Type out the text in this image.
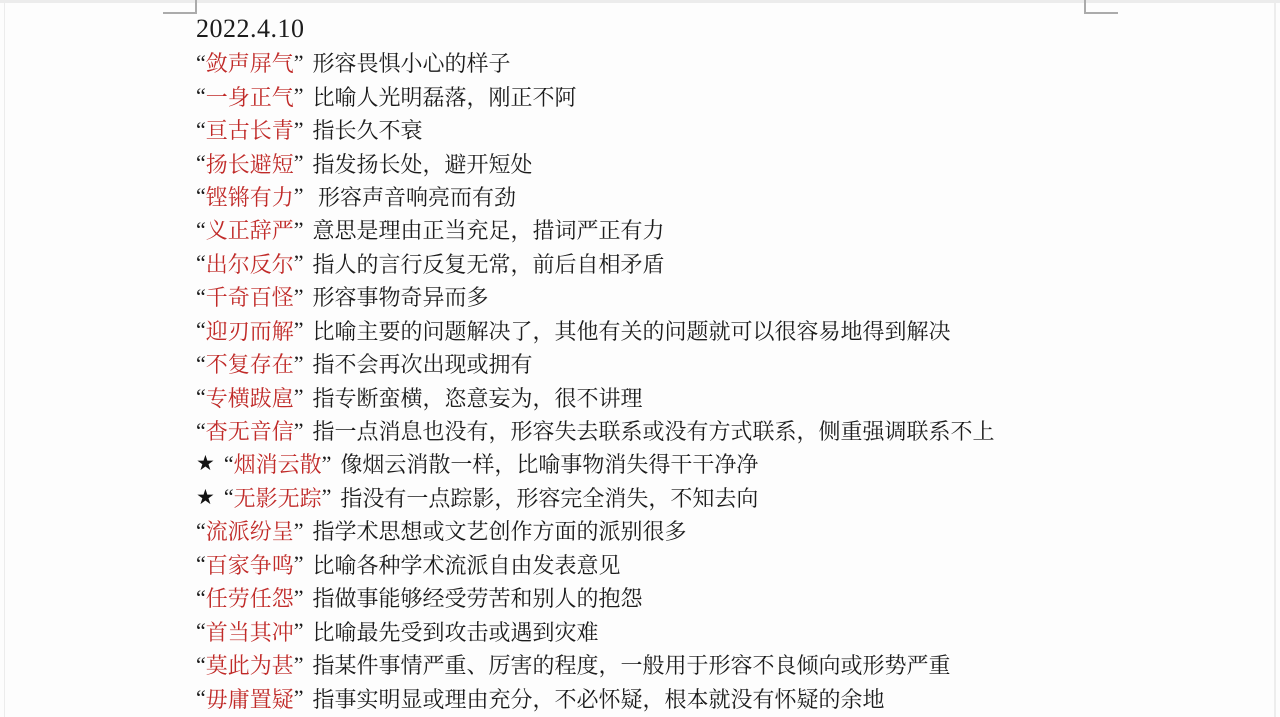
2022.4.10
“ 敛声屏气 ” 形容畏惧小心的样子
“ 一身正气 ” 比喻人光明磊落，刚正不阿
“ 亘古长青 ” 指长久不衰
“ 扬长避短 ” 指发扬长处，避开短处
“ 铿锵有力 ” 形容声音响亮而有劲
“ 义正辞严 ” 意思是理由正当充足，措词严正有力
“ 出尔反尔 ” 指人的言行反复无常，前后自相矛盾
“ 千奇百怪 ” 形容事物奇异而多
“ 迎刃而解 ” 比喻主要的问题解决了，其他有关的问题就可以很容易地得到解决
“ 不复存在 ” 指不会再次出现或拥有
“ 专横跋扈 ” 指专断蛮横，恣意妄为，很不讲理
“ 杳无音信 ” 指一点消息也没有，形容失去联系或没有方式联系，侧重强调联系不上
★ “ 烟消云散 ” 像烟云消散一样，比喻事物消失得干干净净
★ “ 无影无踪 ” 指没有一点踪影，形容完全消失，不知去向
“ 流派纷呈 ” 指学术思想或文艺创作方面的派别很多
“ 百家争鸣 ” 比喻各种学术流派自由发表意见
“ 任劳任怨 ” 指做事能够经受劳苦和别人的抱怨
“ 首当其冲 ” 比喻最先受到攻击或遇到灾难
“ 莫此为甚 ” 指某件事情严重、厉害的程度，一般用于形容不良倾向或形势严重
“ 毋庸置疑 ” 指事实明显或理由充分，不必怀疑，根本就没有怀疑的余地
